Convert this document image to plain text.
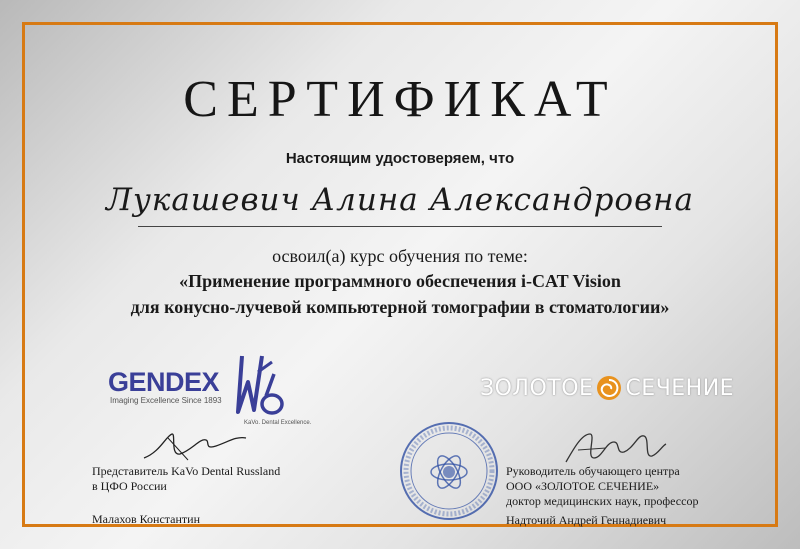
СЕРТИФИКАТ
Настоящим удостоверяем, что
Лукашевич Алина Александровна
освоил(а) курс обучения по теме:
«Применение программного обеспечения i-CAT Vision
для конусно-лучевой компьютерной томографии в стоматологии»
GENDEX
Imaging Excellence Since 1893
KaVo. Dental Excellence.
ЗОЛОТОЕ СЕЧЕНИЕ
Представитель KaVo Dental Russland
в ЦФО России
Малахов Константин
Руководитель обучающего центра
ООО «ЗОЛОТОЕ СЕЧЕНИЕ»
доктор медицинских наук, профессор
Надточий Андрей Геннадиевич
